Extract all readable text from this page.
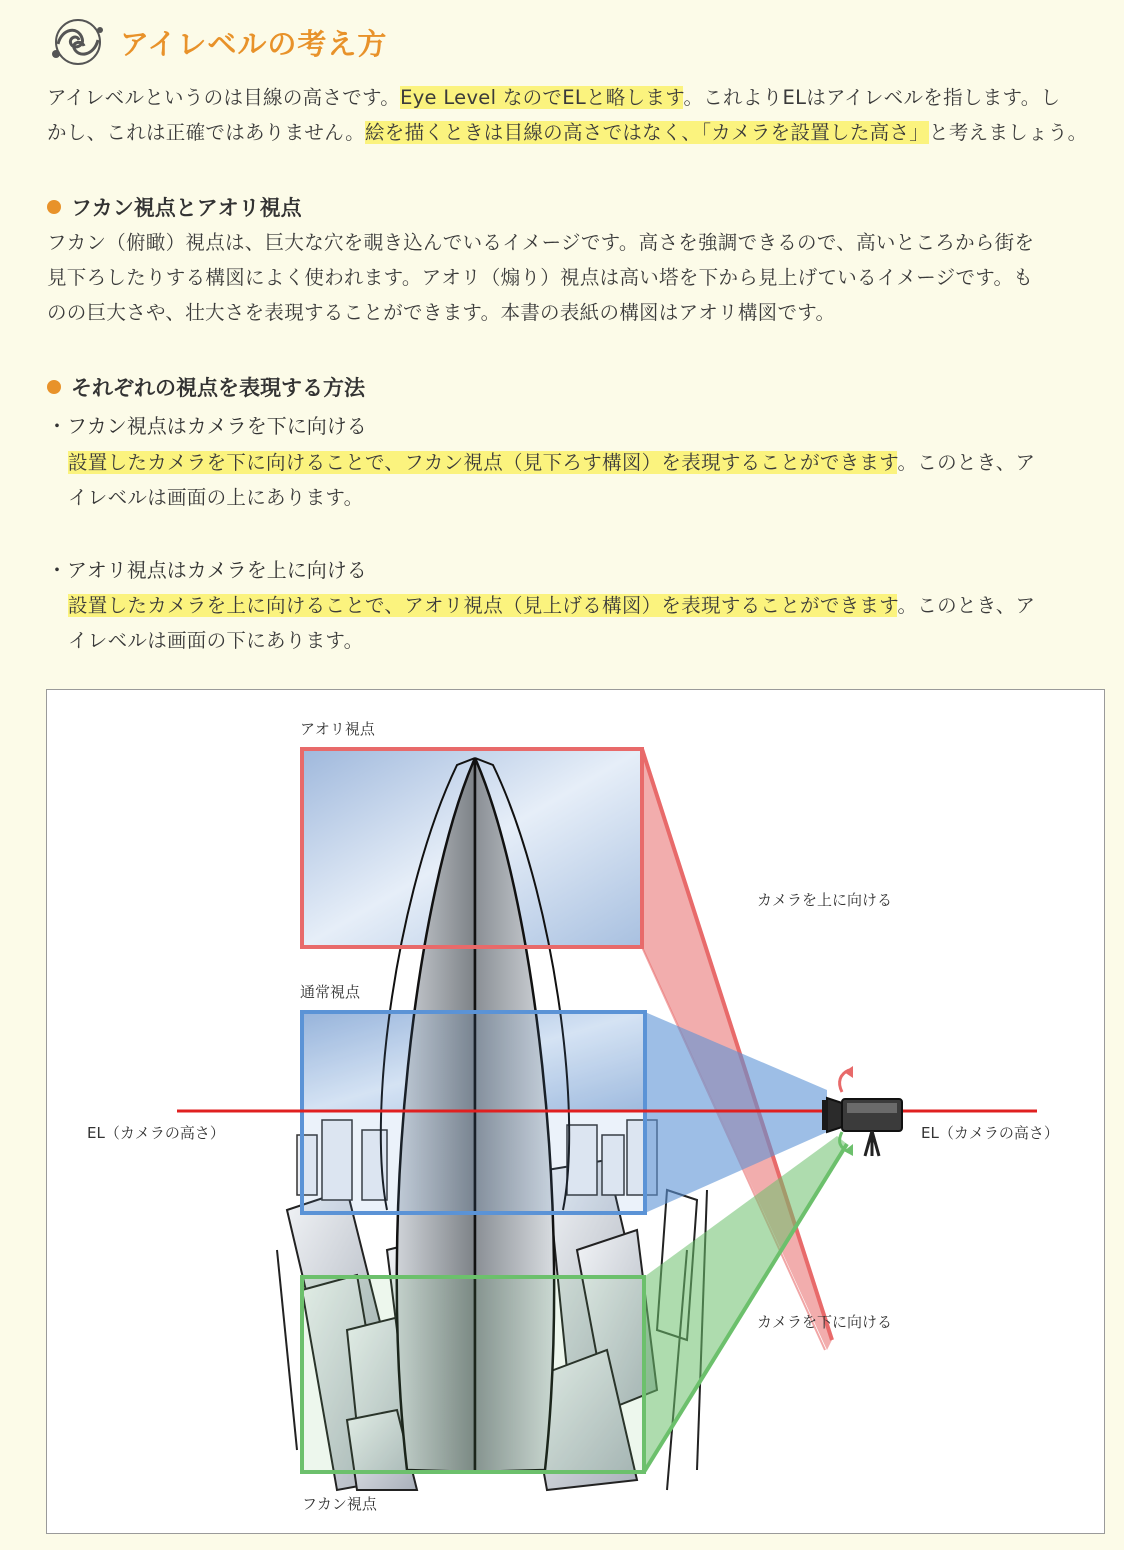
アイレベルの考え方
アイレベルというのは目線の高さです。Eye Level なのでELと略します。これよりELはアイレベルを指します。し
かし、これは正確ではありません。絵を描くときは目線の高さではなく、「カメラを設置した高さ」と考えましょう。
フカン視点とアオリ視点
フカン（俯瞰）視点は、巨大な穴を覗き込んでいるイメージです。高さを強調できるので、高いところから街を
見下ろしたりする構図によく使われます。アオリ（煽り）視点は高い塔を下から見上げているイメージです。も
のの巨大さや、壮大さを表現することができます。本書の表紙の構図はアオリ構図です。
それぞれの視点を表現する方法
・フカン視点はカメラを下に向ける
設置したカメラを下に向けることで、フカン視点（見下ろす構図）を表現することができます。このとき、ア
イレベルは画面の上にあります。
・アオリ視点はカメラを上に向ける
設置したカメラを上に向けることで、アオリ視点（見上げる構図）を表現することができます。このとき、ア
イレベルは画面の下にあります。
アオリ視点
通常視点
フカン視点
カメラを上に向ける
カメラを下に向ける
EL（カメラの高さ）	EL（カメラの高さ）
